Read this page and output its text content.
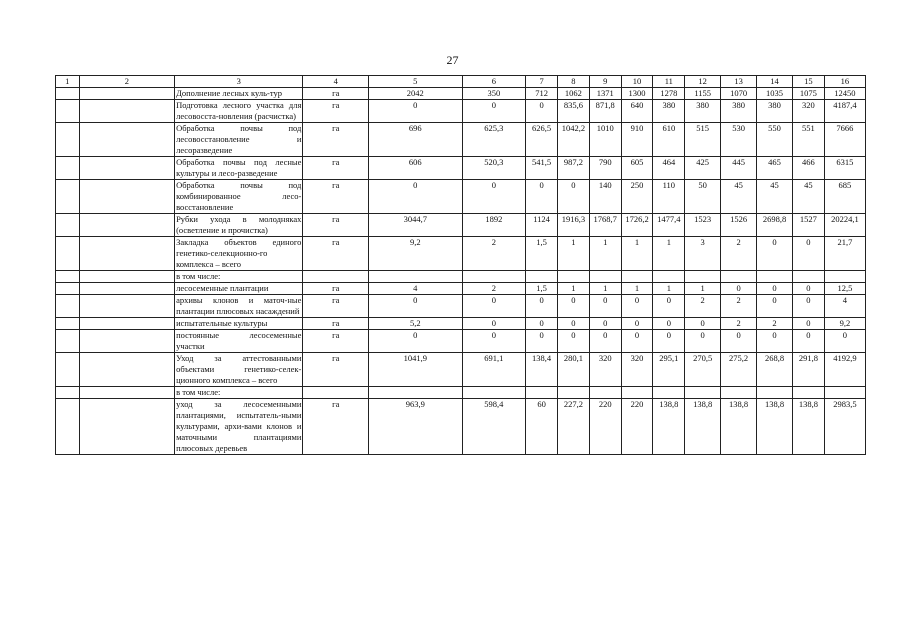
27
1	2	3	4	5	6	7	8	9	10	11	12	13	14	15	16
		Дополнение лесных куль-тур	га	2042	350	712	1062	1371	1300	1278	1155	1070	1035	1075	12450
		Подготовка лесного участка для лесовосста-новления (расчистка)	га	0	0	0	835,6	871,8	640	380	380	380	380	320	4187,4
		Обработка почвы под лесовосстановление и лесоразведение	га	696	625,3	626,5	1042,2	1010	910	610	515	530	550	551	7666
		Обработка почвы под лесные культуры и лесо-разведение	га	606	520,3	541,5	987,2	790	605	464	425	445	465	466	6315
		Обработка почвы под комбинированное лесо-восстановление	га	0	0	0	0	140	250	110	50	45	45	45	685
		Рубки ухода в молодняках (осветление и прочистка)	га	3044,7	1892	1124	1916,3	1768,7	1726,2	1477,4	1523	1526	2698,8	1527	20224,1
		Закладка объектов единого генетико-селекционно-го комплекса – всего	га	9,2	2	1,5	1	1	1	1	3	2	0	0	21,7
		в том числе:													
		лесосеменные плантации	га	4	2	1,5	1	1	1	1	1	0	0	0	12,5
		архивы клонов и маточ-ные плантации плюсовых насаждений	га	0	0	0	0	0	0	0	2	2	0	0	4
		испытательные культуры	га	5,2	0	0	0	0	0	0	0	2	2	0	9,2
		постоянные лесосеменные участки	га	0	0	0	0	0	0	0	0	0	0	0	0
		Уход за аттестованными объектами генетико-селек-ционного комплекса – всего	га	1041,9	691,1	138,4	280,1	320	320	295,1	270,5	275,2	268,8	291,8	4192,9
		в том числе:													
		уход за лесосеменными плантациями, испытатель-ными культурами, архи-вами клонов и маточными плантациями плюсовых деревьев	га	963,9	598,4	60	227,2	220	220	138,8	138,8	138,8	138,8	138,8	2983,5
